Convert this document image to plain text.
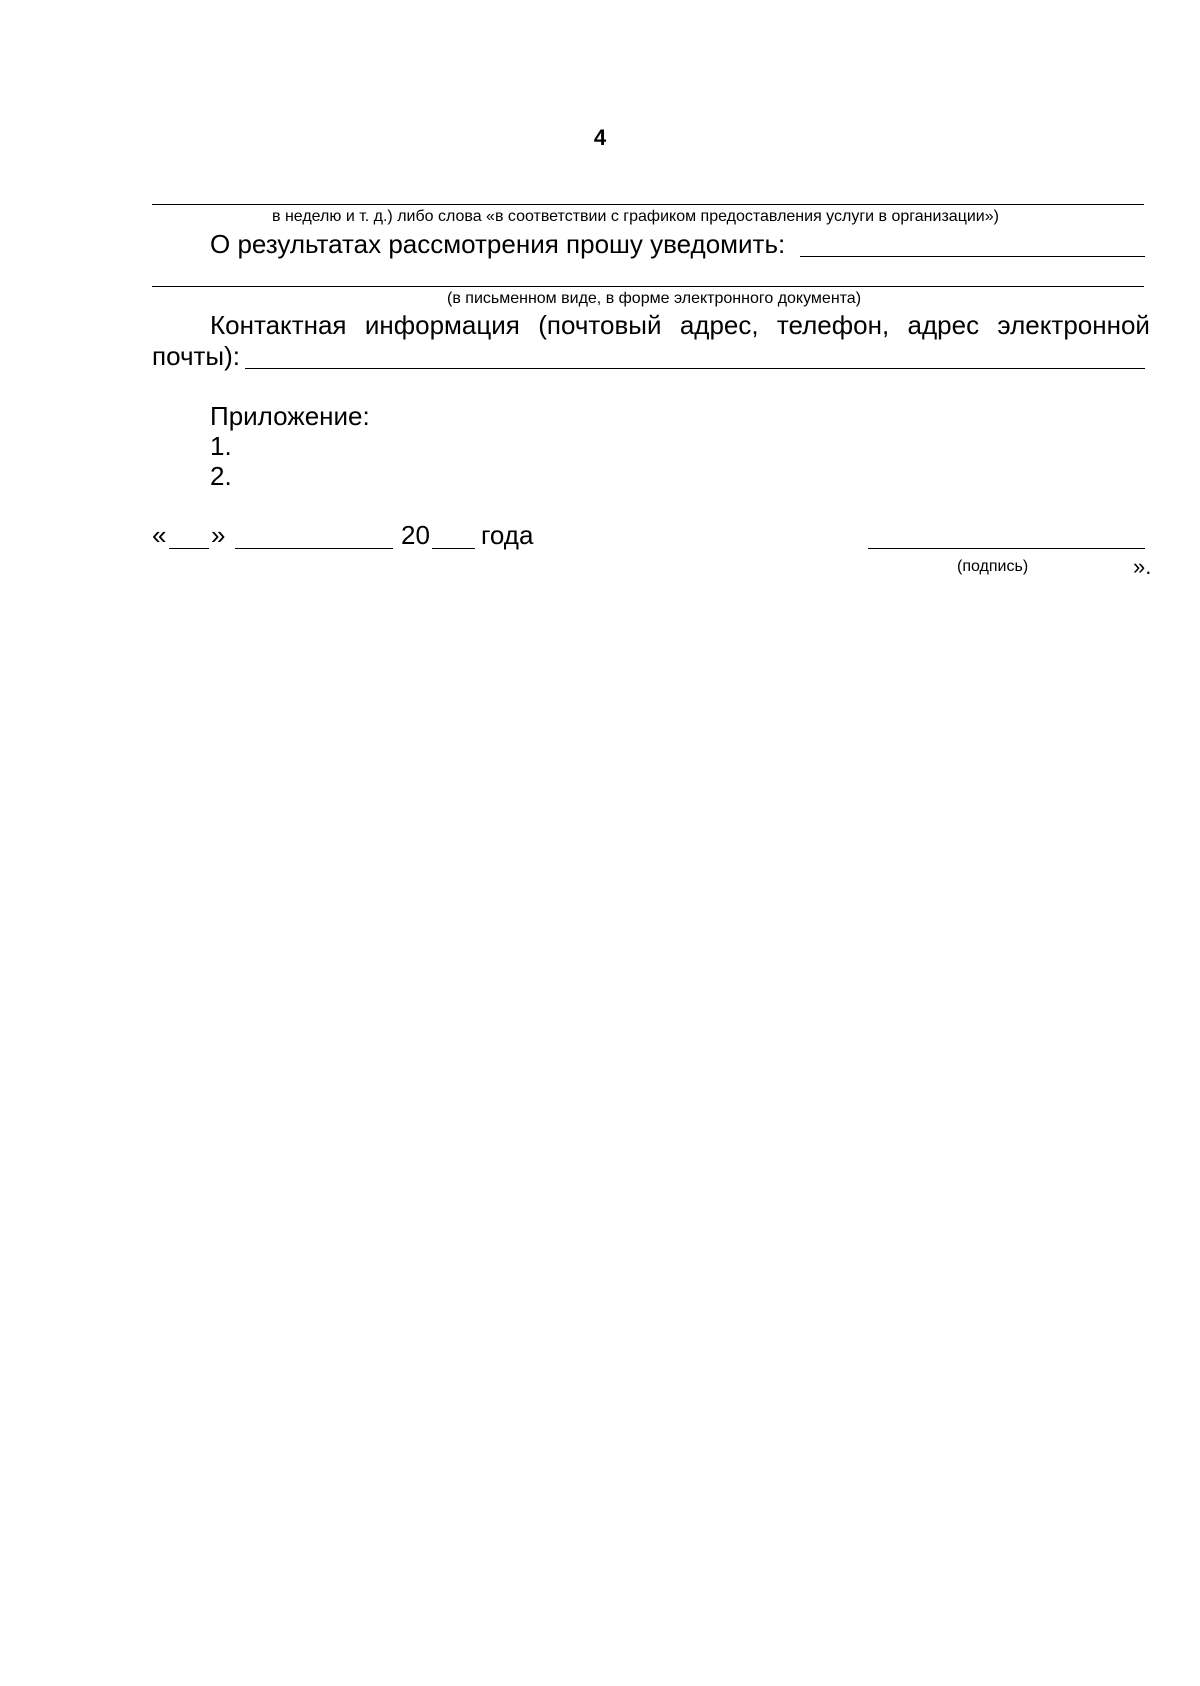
4
в неделю и т. д.) либо слова «в соответствии с графиком предоставления услуги в организации»)
О результатах рассмотрения прошу уведомить:
(в письменном виде, в форме электронного документа)
Контактная информация (почтовый адрес, телефон, адрес электронной
почты):
Приложение:
1.
2.
« »	20 года
(подпись)	».
